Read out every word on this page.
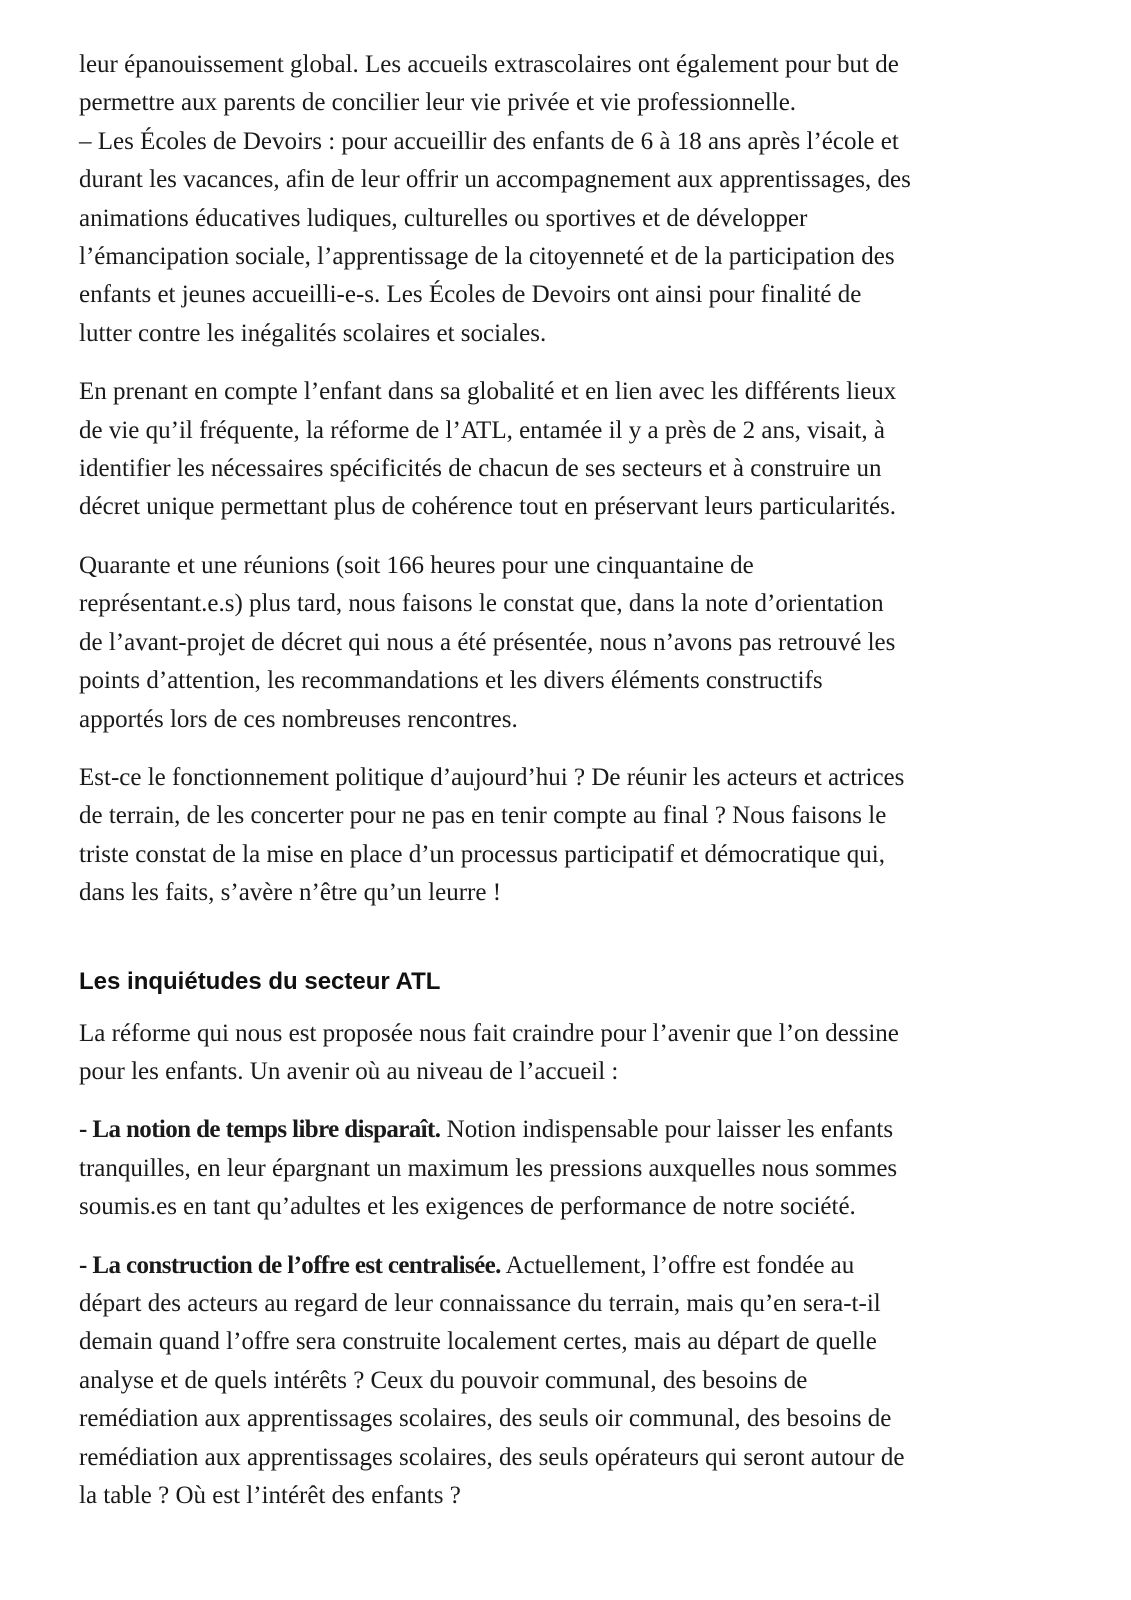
leur épanouissement global. Les accueils extrascolaires ont également pour but de
permettre aux parents de concilier leur vie privée et vie professionnelle.
– Les Écoles de Devoirs : pour accueillir des enfants de 6 à 18 ans après l’école et
durant les vacances, afin de leur offrir un accompagnement aux apprentissages, des
animations éducatives ludiques, culturelles ou sportives et de développer
l’émancipation sociale, l’apprentissage de la citoyenneté et de la participation des
enfants et jeunes accueilli-e-s. Les Écoles de Devoirs ont ainsi pour finalité de
lutter contre les inégalités scolaires et sociales.

En prenant en compte l’enfant dans sa globalité et en lien avec les différents lieux
de vie qu’il fréquente, la réforme de l’ATL, entamée il y a près de 2 ans, visait, à
identifier les nécessaires spécificités de chacun de ses secteurs et à construire un
décret unique permettant plus de cohérence tout en préservant leurs particularités.

Quarante et une réunions (soit 166 heures pour une cinquantaine de
représentant.e.s) plus tard, nous faisons le constat que, dans la note d’orientation
de l’avant-projet de décret qui nous a été présentée, nous n’avons pas retrouvé les
points d’attention, les recommandations et les divers éléments constructifs
apportés lors de ces nombreuses rencontres.

Est-ce le fonctionnement politique d’aujourd’hui ? De réunir les acteurs et actrices
de terrain, de les concerter pour ne pas en tenir compte au final ? Nous faisons le
triste constat de la mise en place d’un processus participatif et démocratique qui,
dans les faits, s’avère n’être qu’un leurre !

Les inquiétudes du secteur ATL

La réforme qui nous est proposée nous fait craindre pour l’avenir que l’on dessine
pour les enfants. Un avenir où au niveau de l’accueil :

- La notion de temps libre disparaît. Notion indispensable pour laisser les enfants
tranquilles, en leur épargnant un maximum les pressions auxquelles nous sommes
soumis.es en tant qu’adultes et les exigences de performance de notre société.

- La construction de l’offre est centralisée. Actuellement, l’offre est fondée au
départ des acteurs au regard de leur connaissance du terrain, mais qu’en sera-t-il
demain quand l’offre sera construite localement certes, mais au départ de quelle
analyse et de quels intérêts ? Ceux du pouvoir communal, des besoins de
remédiation aux apprentissages scolaires, des seuls oir communal, des besoins de
remédiation aux apprentissages scolaires, des seuls opérateurs qui seront autour de
la table ? Où est l’intérêt des enfants ?
